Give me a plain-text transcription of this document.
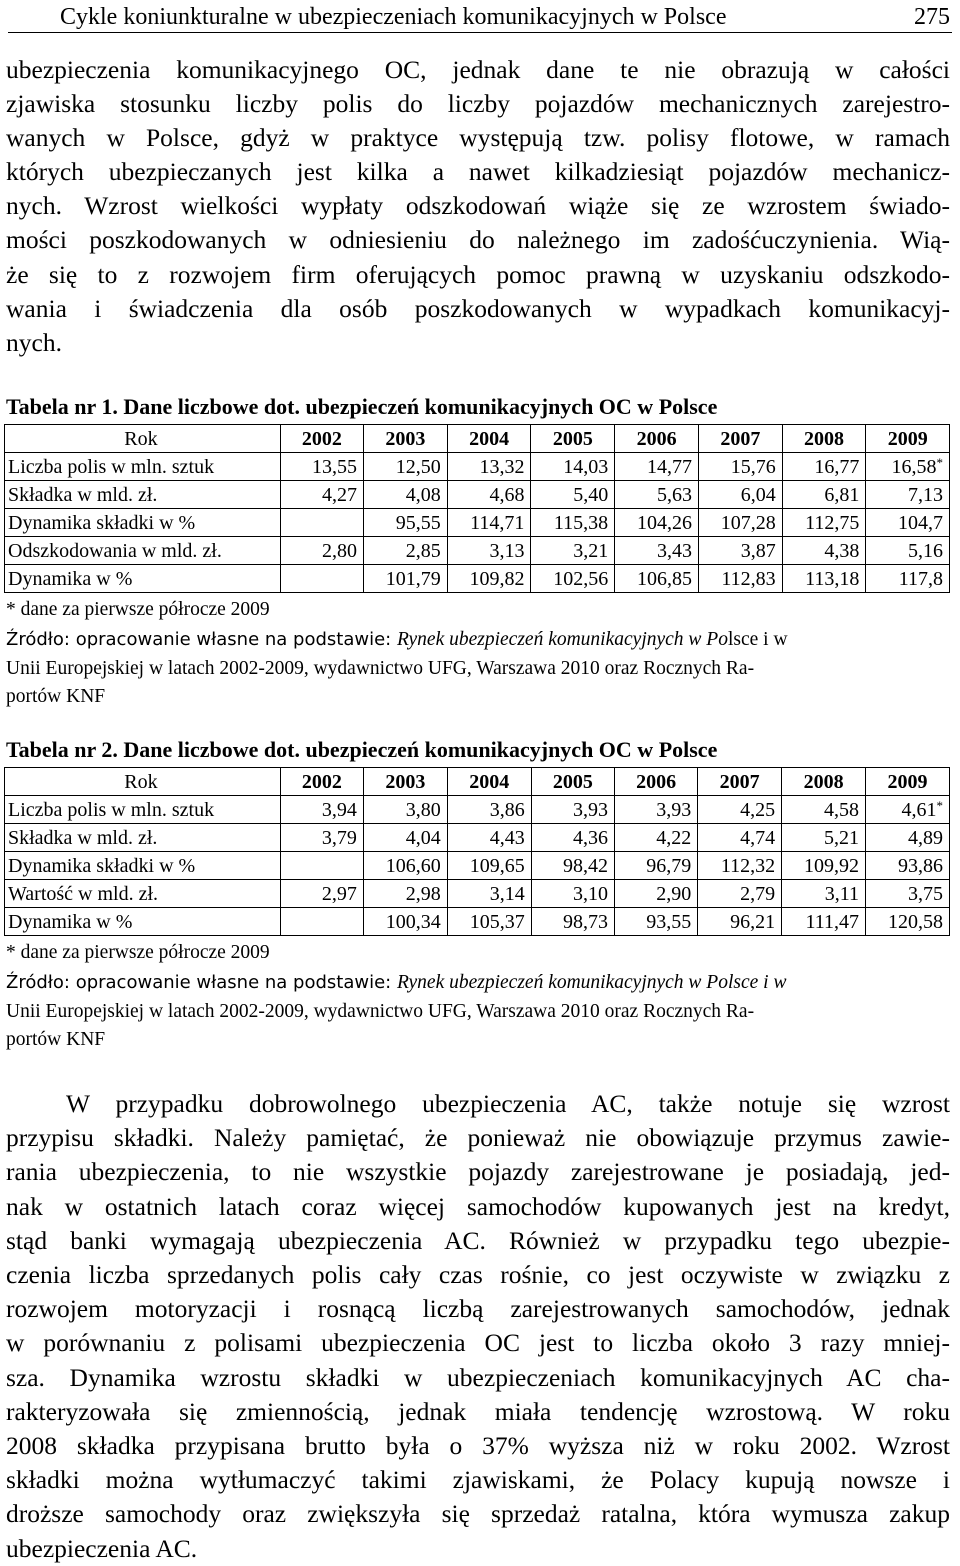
Cykle koniunkturalne w ubezpieczeniach komunikacyjnych w Polsce	275
ubezpieczenia komunikacyjnego OC, jednak dane te nie obrazują w całości
zjawiska stosunku liczby polis do liczby pojazdów mechanicznych zarejestro-
wanych w Polsce, gdyż w praktyce występują tzw. polisy flotowe, w ramach
których ubezpieczanych jest kilka a nawet kilkadziesiąt pojazdów mechanicz-
nych. Wzrost wielkości wypłaty odszkodowań wiąże się ze wzrostem świado-
mości poszkodowanych w odniesieniu do należnego im zadośćuczynienia. Wią-
że się to z rozwojem firm oferujących pomoc prawną w uzyskaniu odszkodo-
wania i świadczenia dla osób poszkodowanych w wypadkach komunikacyj-
nych.
Tabela nr 1. Dane liczbowe dot. ubezpieczeń komunikacyjnych OC w Polsce
Rok	2002	2003	2004	2005	2006	2007	2008	2009
Liczba polis w mln. sztuk	13,55	12,50	13,32	14,03	14,77	15,76	16,77	16,58*
Składka w mld. zł.	4,27	4,08	4,68	5,40	5,63	6,04	6,81	7,13
Dynamika składki w %		95,55	114,71	115,38	104,26	107,28	112,75	104,7
Odszkodowania w mld. zł.	2,80	2,85	3,13	3,21	3,43	3,87	4,38	5,16
Dynamika w %		101,79	109,82	102,56	106,85	112,83	113,18	117,8
* dane za pierwsze półrocze 2009
Źródło: opracowanie własne na podstawie: Rynek ubezpieczeń komunikacyjnych w Polsce i w
Unii Europejskiej w latach 2002-2009, wydawnictwo UFG, Warszawa 2010 oraz Rocznych Ra-
portów KNF
Tabela nr 2. Dane liczbowe dot. ubezpieczeń komunikacyjnych OC w Polsce
Rok	2002	2003	2004	2005	2006	2007	2008	2009
Liczba polis w mln. sztuk	3,94	3,80	3,86	3,93	3,93	4,25	4,58	4,61*
Składka w mld. zł.	3,79	4,04	4,43	4,36	4,22	4,74	5,21	4,89
Dynamika składki w %		106,60	109,65	98,42	96,79	112,32	109,92	93,86
Wartość w mld. zł.	2,97	2,98	3,14	3,10	2,90	2,79	3,11	3,75
Dynamika w %		100,34	105,37	98,73	93,55	96,21	111,47	120,58
* dane za pierwsze półrocze 2009
Źródło: opracowanie własne na podstawie: Rynek ubezpieczeń komunikacyjnych w Polsce i w
Unii Europejskiej w latach 2002-2009, wydawnictwo UFG, Warszawa 2010 oraz Rocznych Ra-
portów KNF
W przypadku dobrowolnego ubezpieczenia AC, także notuje się wzrost
przypisu składki. Należy pamiętać, że ponieważ nie obowiązuje przymus zawie-
rania ubezpieczenia, to nie wszystkie pojazdy zarejestrowane je posiadają, jed-
nak w ostatnich latach coraz więcej samochodów kupowanych jest na kredyt,
stąd banki wymagają ubezpieczenia AC. Również w przypadku tego ubezpie-
czenia liczba sprzedanych polis cały czas rośnie, co jest oczywiste w związku z
rozwojem motoryzacji i rosnącą liczbą zarejestrowanych samochodów, jednak
w porównaniu z polisami ubezpieczenia OC jest to liczba około 3 razy mniej-
sza. Dynamika wzrostu składki w ubezpieczeniach komunikacyjnych AC cha-
rakteryzowała się zmiennością, jednak miała tendencję wzrostową. W roku
2008 składka przypisana brutto była o 37% wyższa niż w roku 2002. Wzrost
składki można wytłumaczyć takimi zjawiskami, że Polacy kupują nowsze i
droższe samochody oraz zwiększyła się sprzedaż ratalna, która wymusza zakup
ubezpieczenia AC.
